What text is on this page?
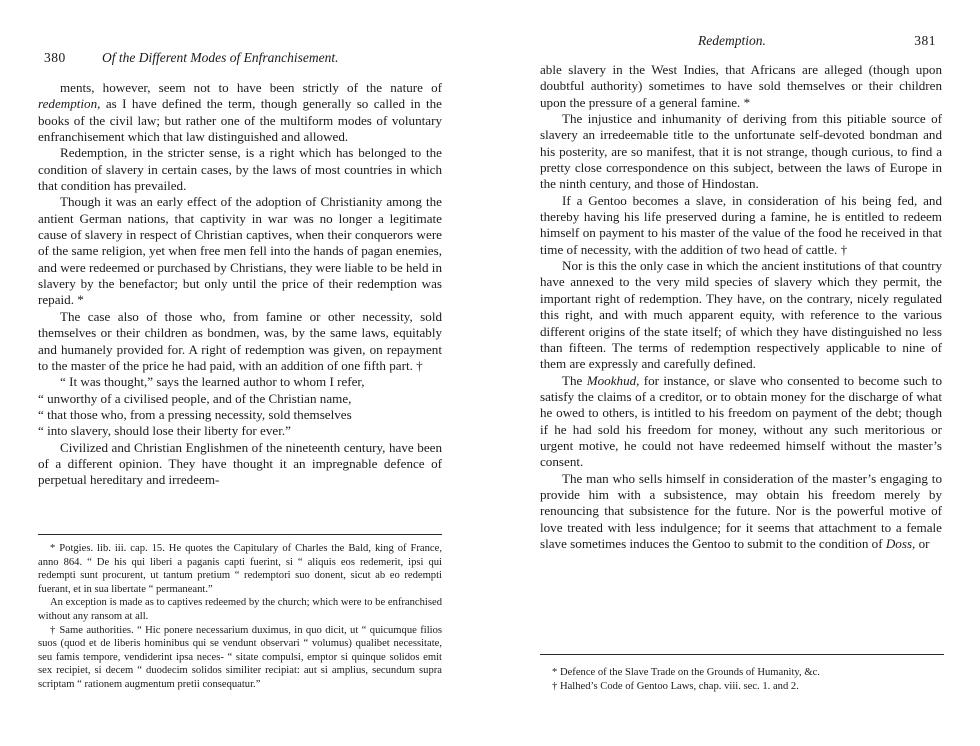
380	Of the Different Modes of Enfranchisement.

ments, however, seem not to have been strictly of the nature of redemption, as I have defined the term, though generally so called in the books of the civil law; but rather one of the multiform modes of voluntary enfranchisement which that law distinguished and allowed.

Redemption, in the stricter sense, is a right which has belonged to the condition of slavery in certain cases, by the laws of most countries in which that condition has prevailed.

Though it was an early effect of the adoption of Christianity among the antient German nations, that captivity in war was no longer a legitimate cause of slavery in respect of Christian captives, when their conquerors were of the same religion, yet when free men fell into the hands of pagan enemies, and were redeemed or purchased by Christians, they were liable to be held in slavery by the benefactor; but only until the price of their redemption was repaid. *

The case also of those who, from famine or other necessity, sold themselves or their children as bondmen, was, by the same laws, equitably and humanely provided for. A right of redemption was given, on repayment to the master of the price he had paid, with an addition of one fifth part. †

“ It was thought,” says the learned author to whom I refer,

“ unworthy of a civilised people, and of the Christian name,

“ that those who, from a pressing necessity, sold themselves

“ into slavery, should lose their liberty for ever.”

Civilized and Christian Englishmen of the nineteenth century, have been of a different opinion. They have thought it an impregnable defence of perpetual hereditary and irredeem-

* Potgies. lib. iii. cap. 15. He quotes the Capitulary of Charles the Bald, king of France, anno 864. “ De his qui liberi a paganis capti fuerint, si “ aliquis eos redemerit, ipsi qui redempti sunt procurent, ut tantum pretium “ redemptori suo donent, sicut ab eo redempti fuerant, et in sua libertate “ permaneant.”

An exception is made as to captives redeemed by the church; which were to be enfranchised without any ransom at all.

† Same authorities. “ Hic ponere necessarium duximus, in quo dicit, ut “ quicumque filios suos (quod et de liberis hominibus qui se vendunt observari “ volumus) qualibet necessitate, seu famis tempore, vendiderint ipsa neces- “ sitate compulsi, emptor si quinque solidos emit sex recipiet, si decem “ duodecim solidos similiter recipiat: aut si amplius, secundum supra scriptam “ rationem augmentum pretii consequatur.”

Redemption.	381

able slavery in the West Indies, that Africans are alleged (though upon doubtful authority) sometimes to have sold themselves or their children upon the pressure of a general famine. *

The injustice and inhumanity of deriving from this pitiable source of slavery an irredeemable title to the unfortunate self-devoted bondman and his posterity, are so manifest, that it is not strange, though curious, to find a pretty close correspondence on this subject, between the laws of Europe in the ninth century, and those of Hindostan.

If a Gentoo becomes a slave, in consideration of his being fed, and thereby having his life preserved during a famine, he is entitled to redeem himself on payment to his master of the value of the food he received in that time of necessity, with the addition of two head of cattle. †

Nor is this the only case in which the ancient institutions of that country have annexed to the very mild species of slavery which they permit, the important right of redemption. They have, on the contrary, nicely regulated this right, and with much apparent equity, with reference to the various different origins of the state itself; of which they have distinguished no less than fifteen. The terms of redemption respectively applicable to nine of them are expressly and carefully defined.

The Mookhud, for instance, or slave who consented to become such to satisfy the claims of a creditor, or to obtain money for the discharge of what he owed to others, is intitled to his freedom on payment of the debt; though if he had sold his freedom for money, without any such meritorious or urgent motive, he could not have redeemed himself without the master’s consent.

The man who sells himself in consideration of the master’s engaging to provide him with a subsistence, may obtain his freedom merely by renouncing that subsistence for the future. Nor is the powerful motive of love treated with less indulgence; for it seems that attachment to a female slave sometimes induces the Gentoo to submit to the condition of Doss, or

* Defence of the Slave Trade on the Grounds of Humanity, &c.

† Halhed’s Code of Gentoo Laws, chap. viii. sec. 1. and 2.
